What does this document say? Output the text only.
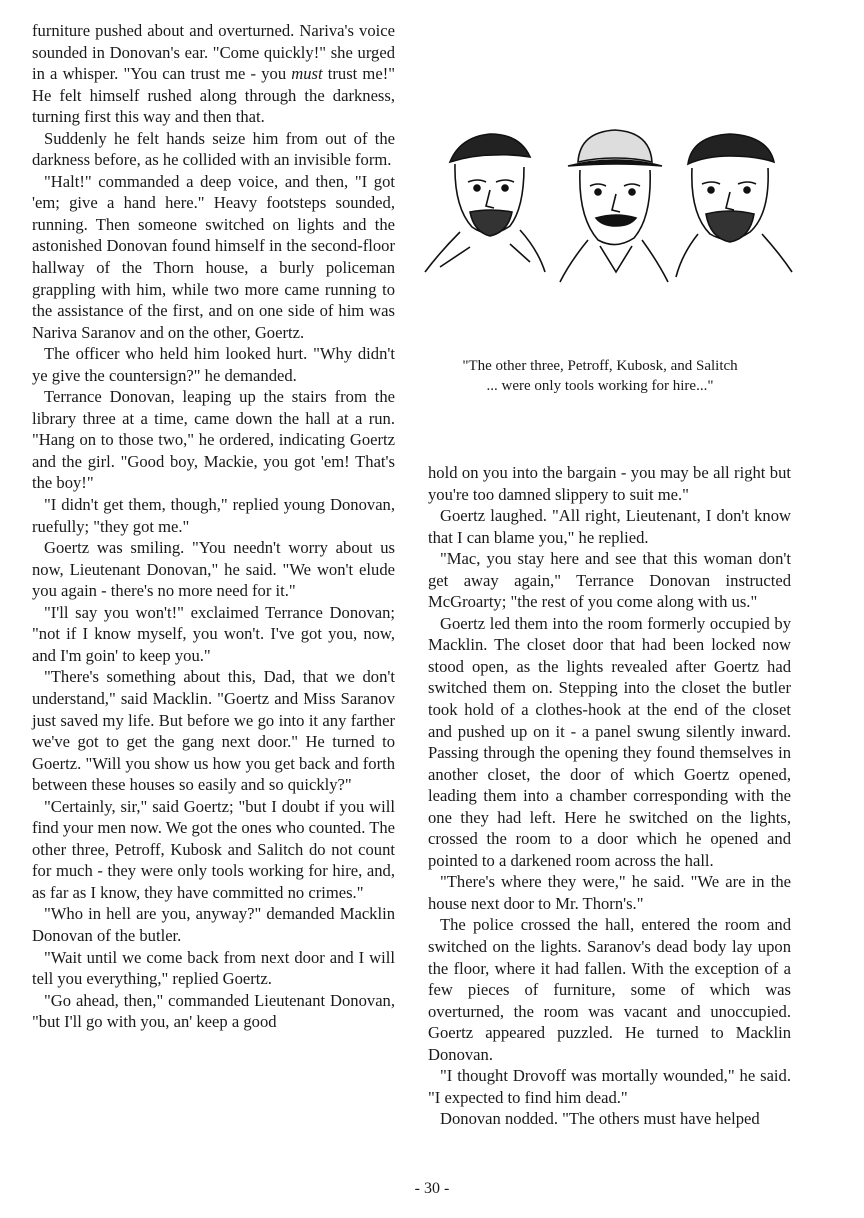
furniture pushed about and overturned. Nariva's voice sounded in Donovan's ear. "Come quickly!" she urged in a whisper. "You can trust me - you must trust me!" He felt himself rushed along through the darkness, turning first this way and then that.

Suddenly he felt hands seize him from out of the darkness before, as he collided with an invisible form.

"Halt!" commanded a deep voice, and then, "I got 'em; give a hand here." Heavy footsteps sounded, running. Then someone switched on lights and the astonished Donovan found himself in the second-floor hallway of the Thorn house, a burly policeman grappling with him, while two more came running to the assistance of the first, and on one side of him was Nariva Saranov and on the other, Goertz.

The officer who held him looked hurt. "Why didn't ye give the countersign?" he demanded.

Terrance Donovan, leaping up the stairs from the library three at a time, came down the hall at a run. "Hang on to those two," he ordered, indicating Goertz and the girl. "Good boy, Mackie, you got 'em! That's the boy!"

"I didn't get them, though," replied young Donovan, ruefully; "they got me."

Goertz was smiling. "You needn't worry about us now, Lieutenant Donovan," he said. "We won't elude you again - there's no more need for it."

"I'll say you won't!" exclaimed Terrance Donovan; "not if I know myself, you won't. I've got you, now, and I'm goin' to keep you."

"There's something about this, Dad, that we don't understand," said Macklin. "Goertz and Miss Saranov just saved my life. But before we go into it any farther we've got to get the gang next door." He turned to Goertz. "Will you show us how you get back and forth between these houses so easily and so quickly?"

"Certainly, sir," said Goertz; "but I doubt if you will find your men now. We got the ones who counted. The other three, Petroff, Kubosk and Salitch do not count for much - they were only tools working for hire, and, as far as I know, they have committed no crimes."

"Who in hell are you, anyway?" demanded Macklin Donovan of the butler.

"Wait until we come back from next door and I will tell you everything," replied Goertz.

"Go ahead, then," commanded Lieutenant Donovan, "but I'll go with you, an' keep a good

"The other three, Petroff, Kubosk, and Salitch
... were only tools working for hire..."

hold on you into the bargain - you may be all right but you're too damned slippery to suit me."

Goertz laughed. "All right, Lieutenant, I don't know that I can blame you," he replied.

"Mac, you stay here and see that this woman don't get away again," Terrance Donovan instructed McGroarty; "the rest of you come along with us."

Goertz led them into the room formerly occupied by Macklin. The closet door that had been locked now stood open, as the lights revealed after Goertz had switched them on. Stepping into the closet the butler took hold of a clothes-hook at the end of the closet and pushed up on it - a panel swung silently inward. Passing through the opening they found themselves in another closet, the door of which Goertz opened, leading them into a chamber corresponding with the one they had left. Here he switched on the lights, crossed the room to a door which he opened and pointed to a darkened room across the hall.

"There's where they were," he said. "We are in the house next door to Mr. Thorn's."

The police crossed the hall, entered the room and switched on the lights. Saranov's dead body lay upon the floor, where it had fallen. With the exception of a few pieces of furniture, some of which was overturned, the room was vacant and unoccupied. Goertz appeared puzzled. He turned to Macklin Donovan.

"I thought Drovoff was mortally wounded," he said. "I expected to find him dead."

Donovan nodded. "The others must have helped

- 30 -
